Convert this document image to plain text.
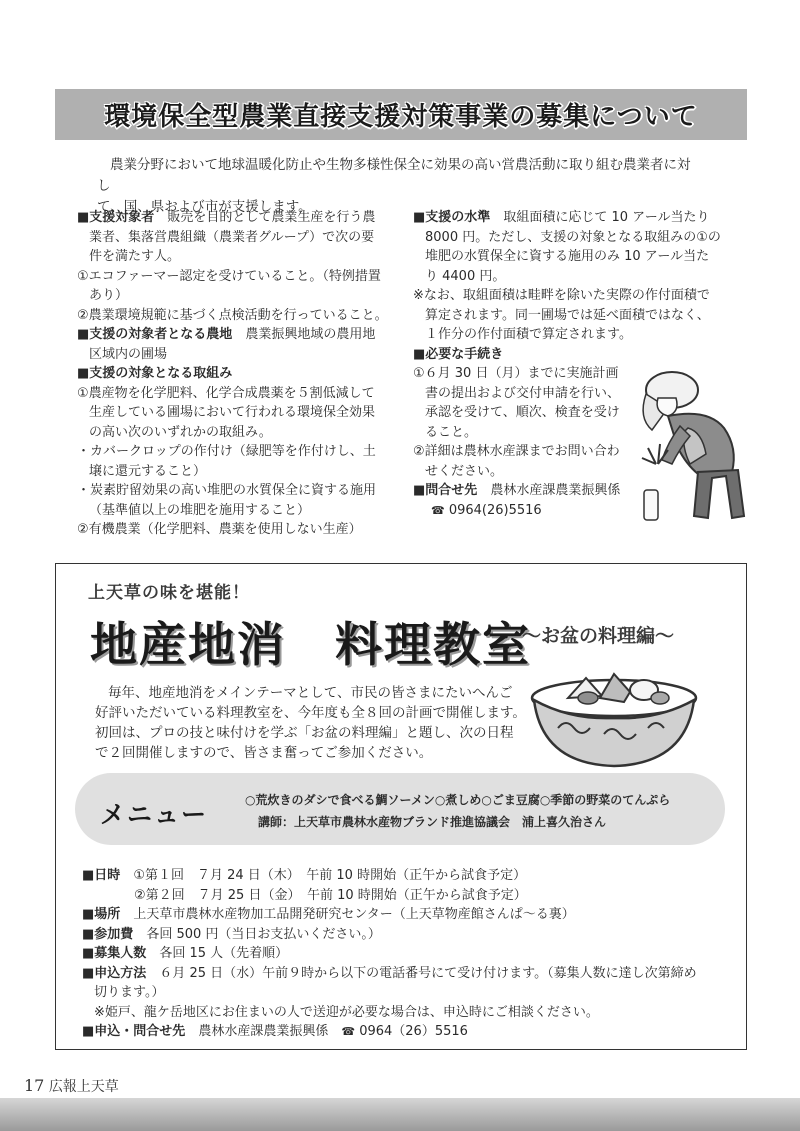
環境保全型農業直接支援対策事業の募集について
農業分野において地球温暖化防止や生物多様性保全に効果の高い営農活動に取り組む農業者に対し
て、国、県および市が支援します。
■支援対象者　 販売を目的として農業生産を行う農
業者、集落営農組織（農業者グループ）で次の要
件を満たす人。
①エコファーマー認定を受けていること。（特例措置
あり）
②農業環境規範に基づく点検活動を行っていること。
■支援の対象者となる農地　 農業振興地域の農用地
区域内の圃場
■支援の対象となる取組み
①農産物を化学肥料、化学合成農薬を５割低減して
生産している圃場において行われる環境保全効果
の高い次のいずれかの取組み。
・カバークロップの作付け（緑肥等を作付けし、土
壌に還元すること）
・炭素貯留効果の高い堆肥の水質保全に資する施用
（基準値以上の堆肥を施用すること）
②有機農業（化学肥料、農薬を使用しない生産）
■支援の水準　 取組面積に応じて 10 アール当たり
8000 円。ただし、支援の対象となる取組みの①の
堆肥の水質保全に資する施用のみ 10 アール当た
り 4400 円。
※なお、取組面積は畦畔を除いた実際の作付面積で
算定されます。同一圃場では延べ面積ではなく、
１作分の作付面積で算定されます。
■必要な手続き
①６月 30 日（月）までに実施計画
書の提出および交付申請を行い、
承認を受けて、順次、検査を受け
ること。
②詳細は農林水産課までお問い合わ
せください。
■問合せ先　 農林水産課農業振興係
☎ 0964(26)5516
上天草の味を堪能！
地産地消　料理教室
～お盆の料理編～
毎年、地産地消をメインテーマとして、市民の皆さまにたいへんご
好評いただいている料理教室を、今年度も全８回の計画で開催します。
初回は、プロの技と味付けを学ぶ「お盆の料理編」と題し、次の日程
で２回開催しますので、皆さま奮ってご参加ください。
メニュー	○荒炊きのダシで食べる鯛ソーメン○煮しめ○ごま豆腐○季節の野菜のてんぷら
講師：上天草市農林水産物ブランド推進協議会　浦上喜久治さん
■日時　 ①第１回　７月 24 日（木）　午前 10 時開始（正午から試食予定）
②第２回　７月 25 日（金）　午前 10 時開始（正午から試食予定）
■場所　 上天草市農林水産物加工品開発研究センター（上天草物産館さんぱ～る裏）
■参加費　 各回 500 円（当日お支払いください。）
■募集人数　 各回 15 人（先着順）
■申込方法　 ６月 25 日（水）午前９時から以下の電話番号にて受け付けます。（募集人数に達し次第締め
切ります。）
※姫戸、龍ケ岳地区にお住まいの人で送迎が必要な場合は、申込時にご相談ください。
■申込・問合せ先　 農林水産課農業振興係　 ☎ 0964（26）5516
17 広報上天草
